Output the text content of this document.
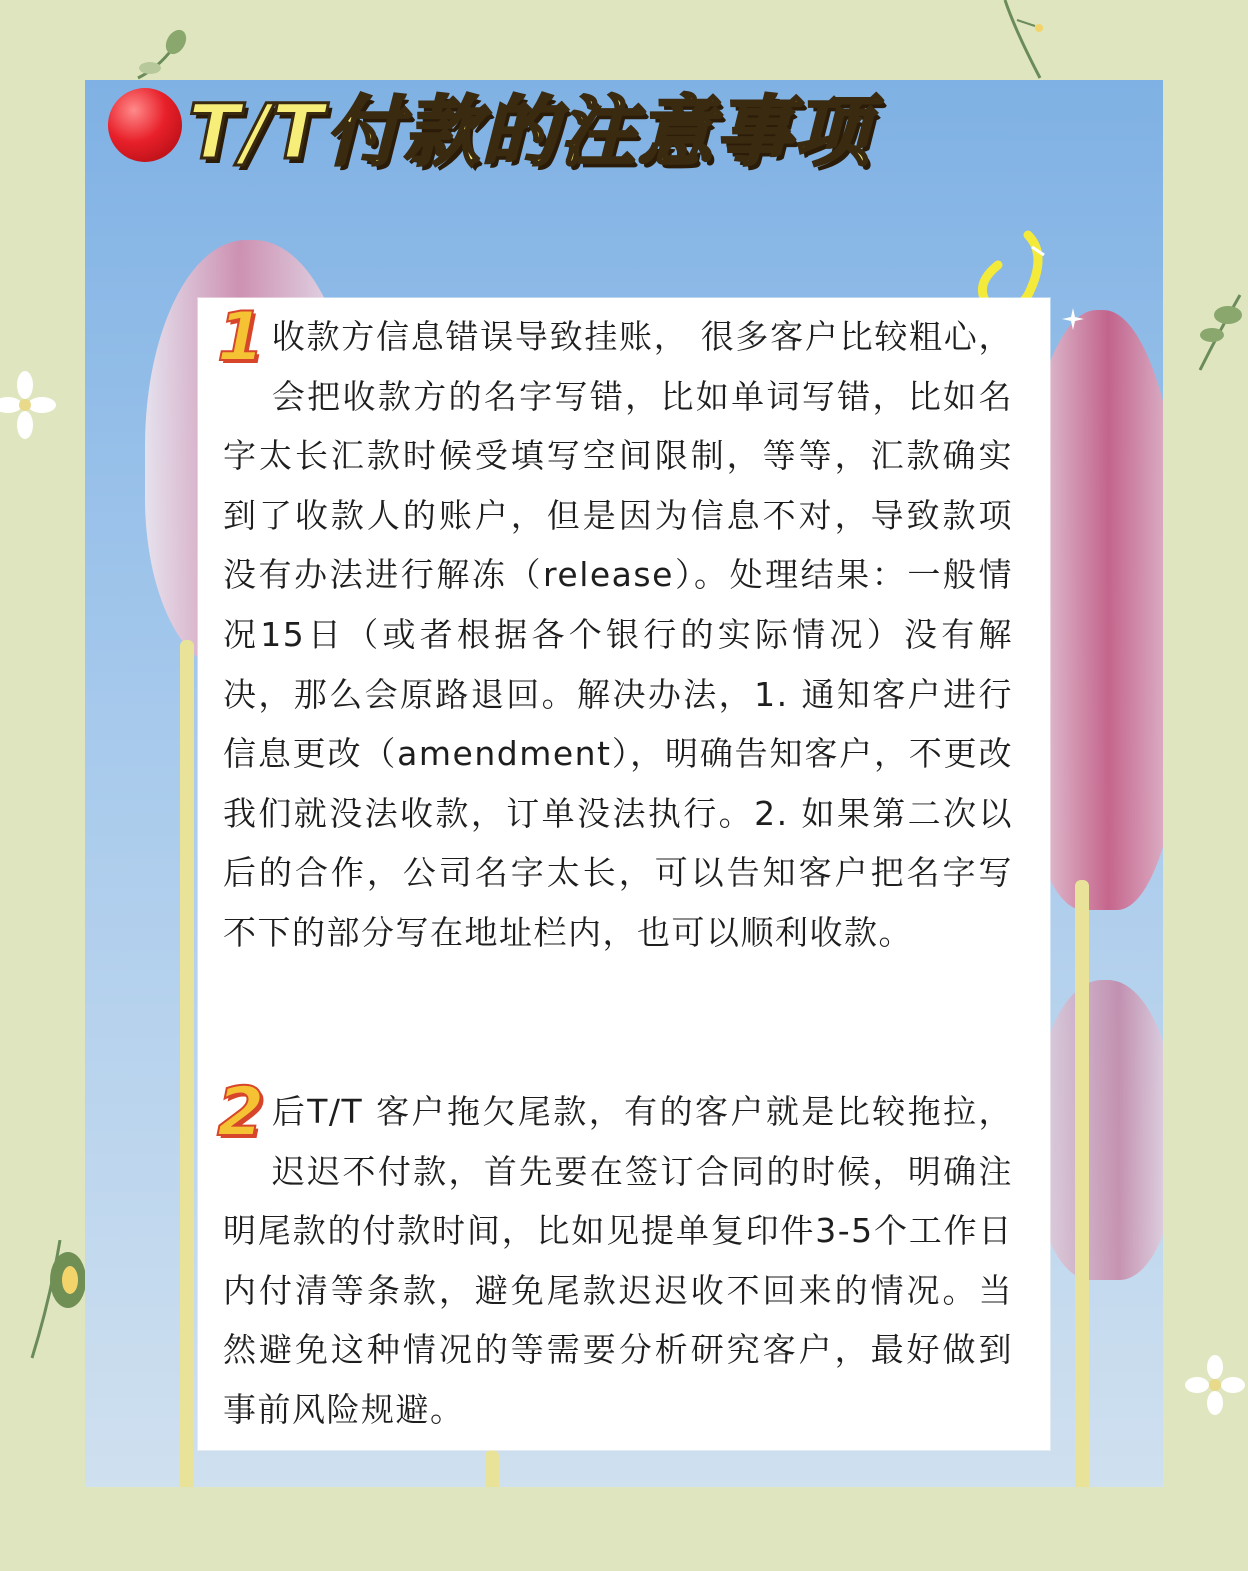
T/T付款的注意事项
1 收款方信息错误导致挂账， 很多客户比较粗心，会把收款方的名字写错，比如单词写错，比如名字太长汇款时候受填写空间限制，等等，汇款确实到了收款人的账户，但是因为信息不对，导致款项没有办法进行解冻（release）。处理结果：一般情况15日（或者根据各个银行的实际情况）没有解决，那么会原路退回。解决办法，1. 通知客户进行信息更改（amendment），明确告知客户，不更改我们就没法收款，订单没法执行。2. 如果第二次以后的合作，公司名字太长，可以告知客户把名字写不下的部分写在地址栏内，也可以顺利收款。
2 后T/T 客户拖欠尾款，有的客户就是比较拖拉，迟迟不付款，首先要在签订合同的时候，明确注明尾款的付款时间，比如见提单复印件3-5个工作日内付清等条款，避免尾款迟迟收不回来的情况。当然避免这种情况的等需要分析研究客户，最好做到事前风险规避。
